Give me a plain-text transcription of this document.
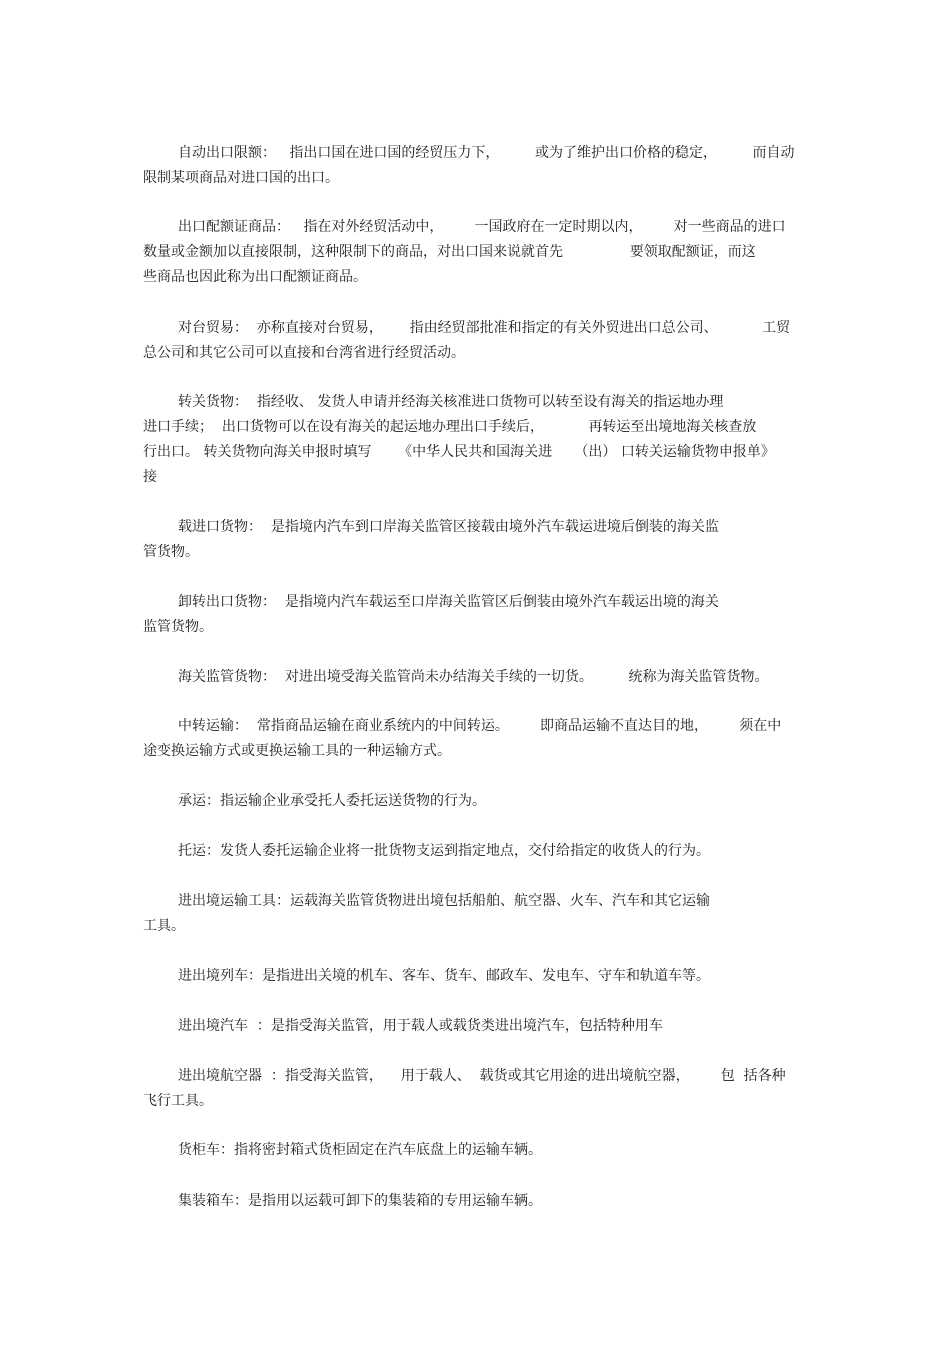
自动出口限额：   指出口国在进口国的经贸压力下，        或为了维护出口价格的稳定，        而自动
限制某项商品对进口国的出口。
出口配额证商品：   指在对外经贸活动中，       一国政府在一定时期以内，       对一些商品的进口
数量或金额加以直接限制，这种限制下的商品，对出口国来说就首先               要领取配额证，而这
些商品也因此称为出口配额证商品。
对台贸易：  亦称直接对台贸易，      指由经贸部批准和指定的有关外贸进出口总公司、          工贸
总公司和其它公司可以直接和台湾省进行经贸活动。
转关货物：  指经收、 发货人申请并经海关核准进口货物可以转至设有海关的指运地办理
进口手续；  出口货物可以在设有海关的起运地办理出口手续后，          再转运至出境地海关核查放
行出口。 转关货物向海关申报时填写      《中华人民共和国海关进     （出） 口转关运输货物申报单》
接
载进口货物：  是指境内汽车到口岸海关监管区接载由境外汽车载运进境后倒装的海关监
管货物。
卸转出口货物：  是指境内汽车载运至口岸海关监管区后倒装由境外汽车载运出境的海关
监管货物。
海关监管货物：  对进出境受海关监管尚未办结海关手续的一切货。        统称为海关监管货物。
中转运输：  常指商品运输在商业系统内的中间转运。       即商品运输不直达目的地，       须在中
途变换运输方式或更换运输工具的一种运输方式。
承运：指运输企业承受托人委托运送货物的行为。
托运：发货人委托运输企业将一批货物支运到指定地点，交付给指定的收货人的行为。
进出境运输工具：运载海关监管货物进出境包括船舶、航空器、火车、汽车和其它运输
工具。
进出境列车：是指进出关境的机车、客车、货车、邮政车、发电车、守车和轨道车等。
进出境汽车  ：是指受海关监管，用于载人或载货类进出境汽车，包括特种用车
进出境航空器  ：指受海关监管，    用于载人、  载货或其它用途的进出境航空器，       包  括各种
飞行工具。
货柜车：指将密封箱式货柜固定在汽车底盘上的运输车辆。
集装箱车：是指用以运载可卸下的集装箱的专用运输车辆。
